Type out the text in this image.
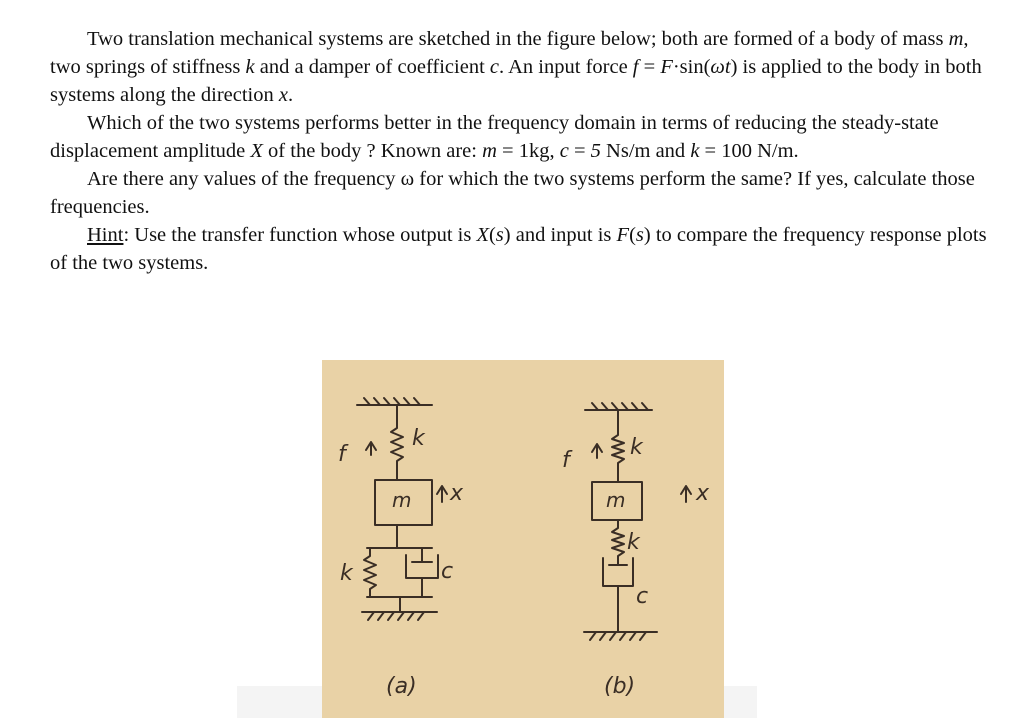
Two translation mechanical systems are sketched in the figure below; both are formed of a body of mass m, two springs of stiffness k and a damper of coefficient c. An input force f = F·sin(ωt) is applied to the body in both systems along the direction x.

Which of the two systems performs better in the frequency domain in terms of reducing the steady-state displacement amplitude X of the body ? Known are: m = 1kg, c = 5 Ns/m and k = 100 N/m.

Are there any values of the frequency ω for which the two systems perform the same? If yes, calculate those frequencies.

Hint: Use the transfer function whose output is X(s) and input is F(s) to compare the frequency response plots of the two systems.

f
k
m x
k	c
(a)
f
k
m	x
k
c
(b)
